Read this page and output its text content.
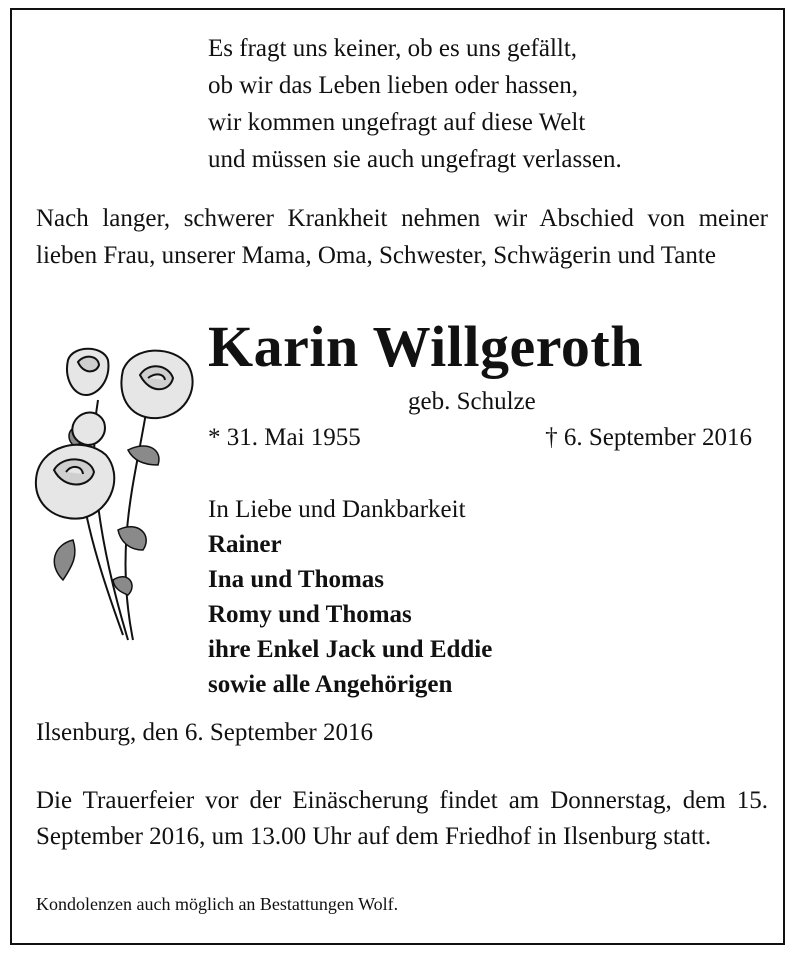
Es fragt uns keiner, ob es uns gefällt,
ob wir das Leben lieben oder hassen,
wir kommen ungefragt auf diese Welt
und müssen sie auch ungefragt verlassen.
Nach langer, schwerer Krankheit nehmen wir Abschied von meiner lieben Frau, unserer Mama, Oma, Schwester, Schwägerin und Tante
Karin Willgeroth
geb. Schulze
* 31. Mai 1955	† 6. September 2016
In Liebe und Dankbarkeit
Rainer
Ina und Thomas
Romy und Thomas
ihre Enkel Jack und Eddie
sowie alle Angehörigen
Ilsenburg, den 6. September 2016
Die Trauerfeier vor der Einäscherung findet am Donnerstag, dem 15. September 2016, um 13.00 Uhr auf dem Friedhof in Ilsenburg statt.
Kondolenzen auch möglich an Bestattungen Wolf.
